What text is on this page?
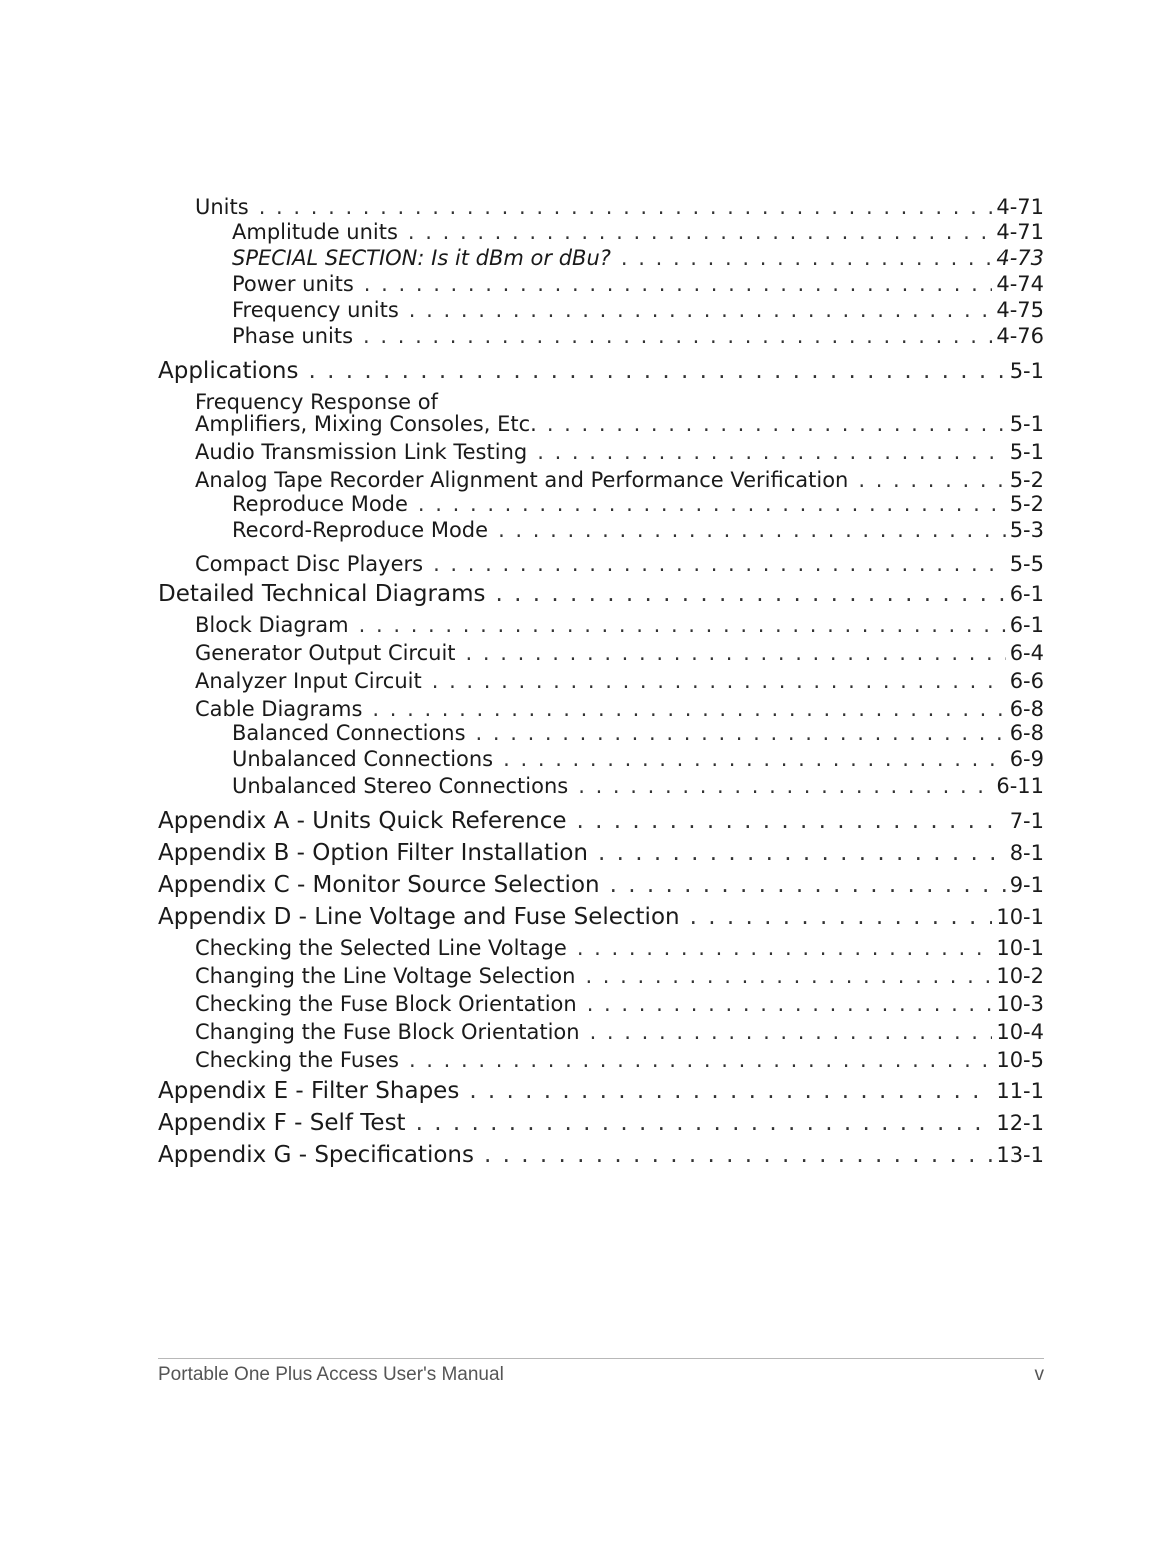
Units . . .	4-71
Amplitude units . . .	4-71
SPECIAL SECTION: Is it dBm or dBu? . . .	4-73
Power units . . .	4-74
Frequency units . . .	4-75
Phase units . . .	4-76
Applications . . .	5-1
Frequency Response of
Amplifiers, Mixing Consoles, Etc. . . .	5-1
Audio Transmission Link Testing . . .	5-1
Analog Tape Recorder Alignment and Performance Verification . . .	5-2
Reproduce Mode . . .	5-2
Record-Reproduce Mode . . .	5-3
Compact Disc Players . . .	5-5
Detailed Technical Diagrams . . .	6-1
Block Diagram . . .	6-1
Generator Output Circuit . . .	6-4
Analyzer Input Circuit . . .	6-6
Cable Diagrams . . .	6-8
Balanced Connections . . .	6-8
Unbalanced Connections . . .	6-9
Unbalanced Stereo Connections . . .	6-11
Appendix A - Units Quick Reference . . .	7-1
Appendix B - Option Filter Installation . . .	8-1
Appendix C - Monitor Source Selection . . .	9-1
Appendix D - Line Voltage and Fuse Selection . . .	10-1
Checking the Selected Line Voltage . . .	10-1
Changing the Line Voltage Selection . . .	10-2
Checking the Fuse Block Orientation . . .	10-3
Changing the Fuse Block Orientation . . .	10-4
Checking the Fuses . . .	10-5
Appendix E - Filter Shapes . . .	11-1
Appendix F - Self Test . . .	12-1
Appendix G - Specifications . . .	13-1
Portable One Plus Access User's Manual	v
